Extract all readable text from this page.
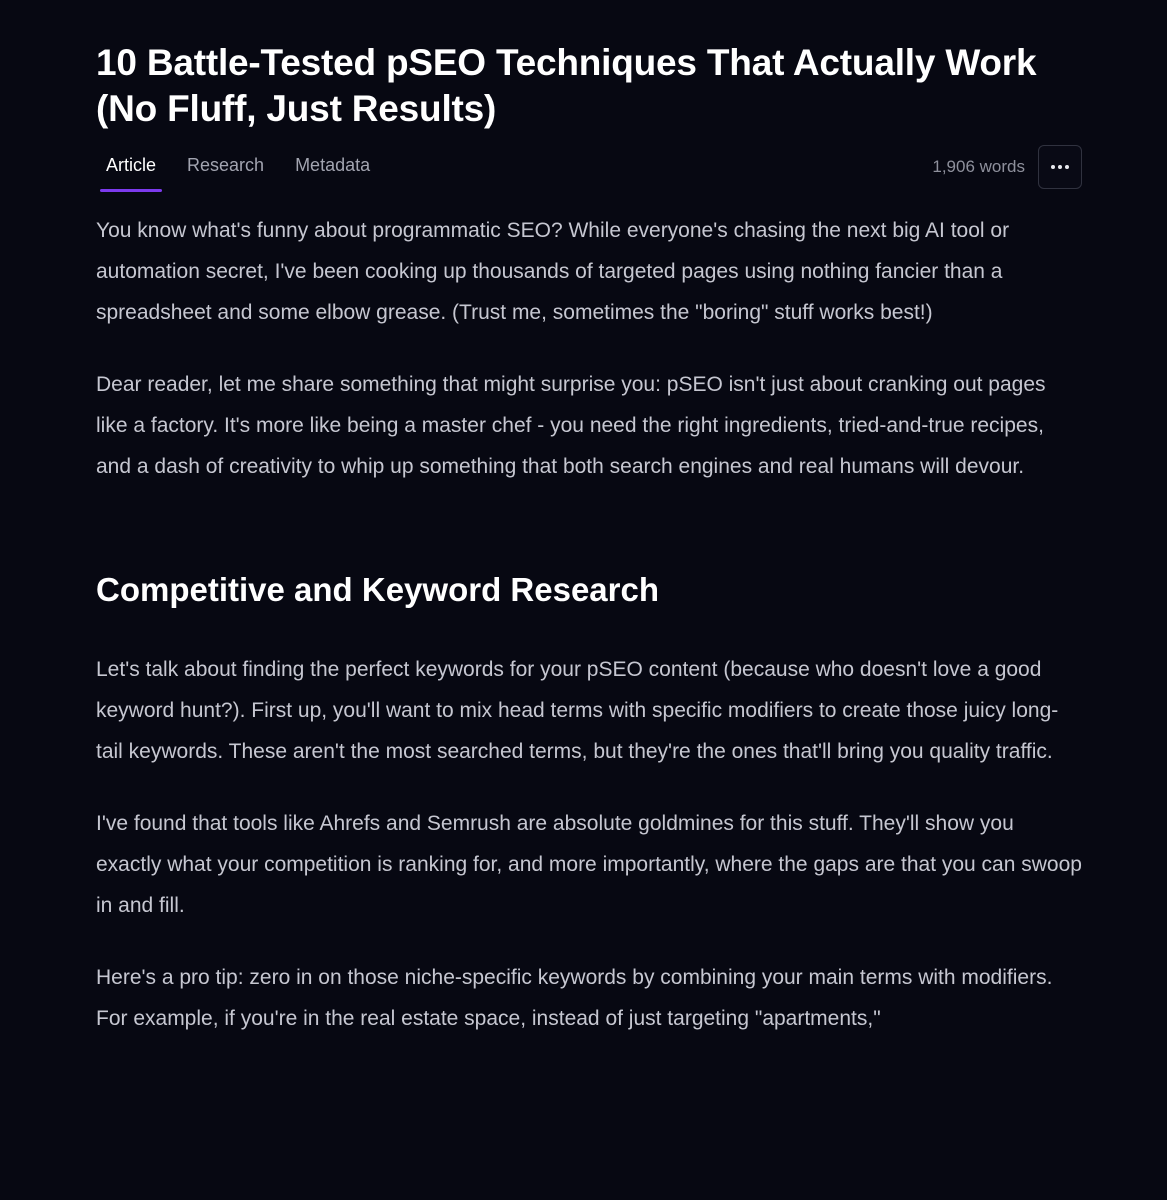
10 Battle-Tested pSEO Techniques That Actually Work (No Fluff, Just Results)
Article	Research	Metadata	1,906 words

You know what's funny about programmatic SEO? While everyone's chasing the next big AI tool or automation secret, I've been cooking up thousands of targeted pages using nothing fancier than a spreadsheet and some elbow grease. (Trust me, sometimes the "boring" stuff works best!)

Dear reader, let me share something that might surprise you: pSEO isn't just about cranking out pages like a factory. It's more like being a master chef - you need the right ingredients, tried-and-true recipes, and a dash of creativity to whip up something that both search engines and real humans will devour.

Competitive and Keyword Research

Let's talk about finding the perfect keywords for your pSEO content (because who doesn't love a good keyword hunt?). First up, you'll want to mix head terms with specific modifiers to create those juicy long-tail keywords. These aren't the most searched terms, but they're the ones that'll bring you quality traffic.

I've found that tools like Ahrefs and Semrush are absolute goldmines for this stuff. They'll show you exactly what your competition is ranking for, and more importantly, where the gaps are that you can swoop in and fill.

Here's a pro tip: zero in on those niche-specific keywords by combining your main terms with modifiers. For example, if you're in the real estate space, instead of just targeting "apartments,"
